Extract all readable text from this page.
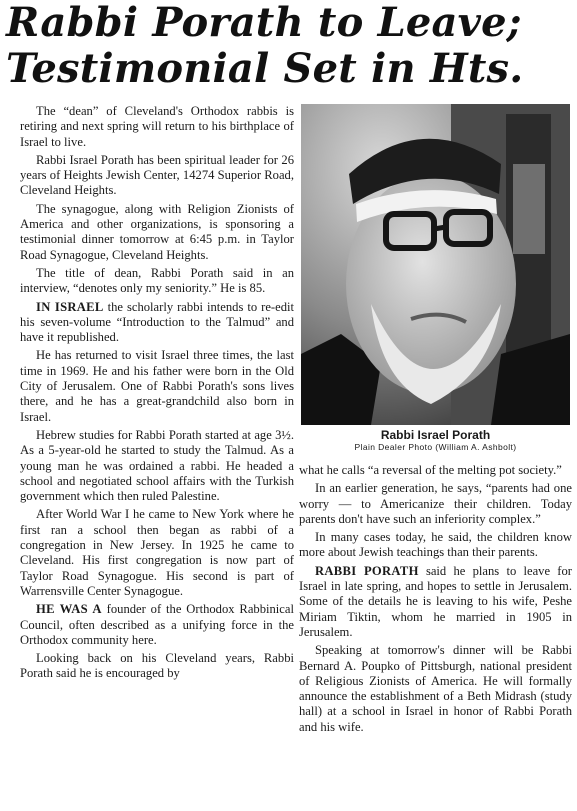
Rabbi Porath to Leave;
Testimonial Set in Hts.

The “dean” of Cleveland's Orthodox rabbis is retiring and next spring will return to his birthplace of Israel to live.

Rabbi Israel Porath has been spiritual leader for 26 years of Heights Jewish Center, 14274 Superior Road, Cleveland Heights.

The synagogue, along with Religion Zionists of America and other organizations, is sponsoring a testimonial dinner tomorrow at 6:45 p.m. in Taylor Road Synagogue, Cleveland Heights.

The title of dean, Rabbi Porath said in an interview, “denotes only my seniority.” He is 85.

IN ISRAEL the scholarly rabbi intends to re-edit his seven-volume “Introduction to the Talmud” and have it republished.

He has returned to visit Israel three times, the last time in 1969. He and his father were born in the Old City of Jerusalem. One of Rabbi Porath's sons lives there, and he has a great-grandchild also born in Israel.

Hebrew studies for Rabbi Porath started at age 3½. As a 5-year-old he started to study the Talmud. As a young man he was ordained a rabbi. He headed a school and negotiated school affairs with the Turkish government which then ruled Palestine.

After World War I he came to New York where he first ran a school then began as rabbi of a congregation in New Jersey. In 1925 he came to Cleveland. His first congregation is now part of Taylor Road Synagogue. His second is part of Warrensville Center Synagogue.

HE WAS A founder of the Orthodox Rabbinical Council, often described as a unifying force in the Orthodox community here.

Looking back on his Cleveland years, Rabbi Porath said he is encouraged by

Rabbi Israel Porath
Plain Dealer Photo (William A. Ashbolt)

what he calls “a reversal of the melting pot society.”

In an earlier generation, he says, “parents had one worry — to Americanize their children. Today parents don't have such an inferiority complex.”

In many cases today, he said, the children know more about Jewish teachings than their parents.

RABBI PORATH said he plans to leave for Israel in late spring, and hopes to settle in Jerusalem. Some of the details he is leaving to his wife, Peshe Miriam Tiktin, whom he married in 1905 in Jerusalem.

Speaking at tomorrow's dinner will be Rabbi Bernard A. Poupko of Pittsburgh, national president of Religious Zionists of America. He will formally announce the establishment of a Beth Midrash (study hall) at a school in Israel in honor of Rabbi Porath and his wife.
